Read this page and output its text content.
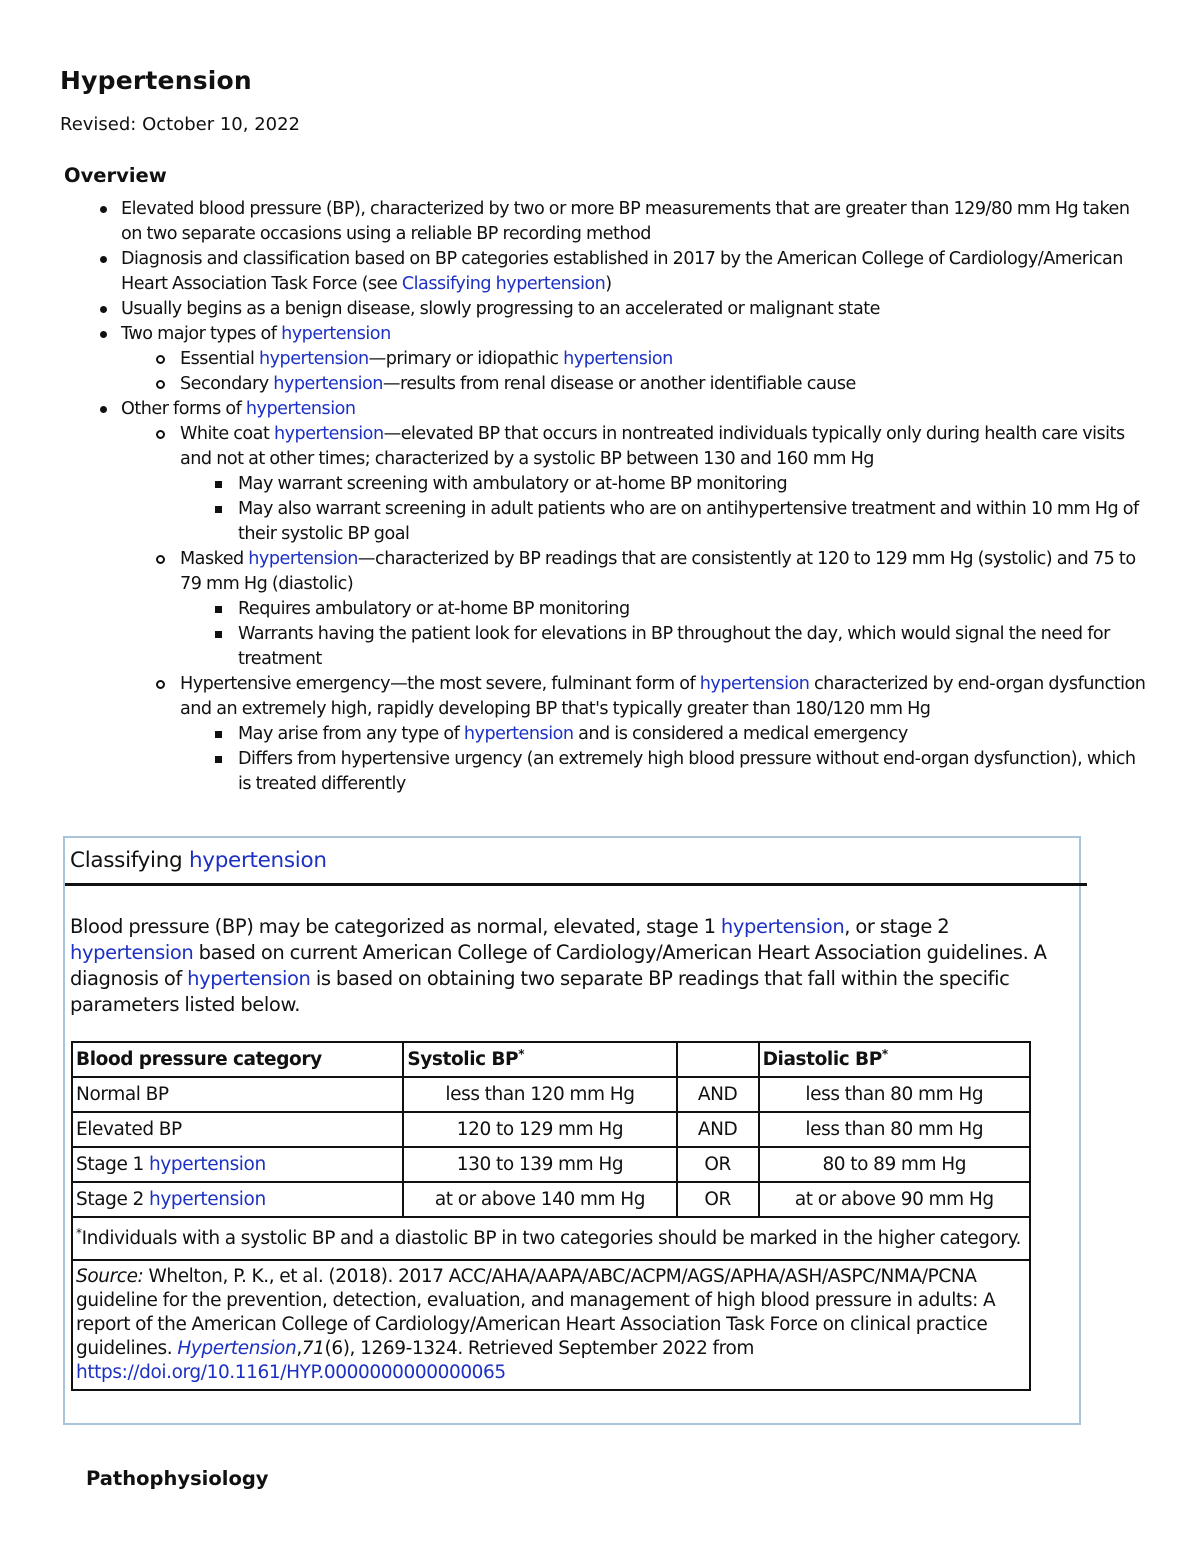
Hypertension

Revised: October 10, 2022

Overview
Elevated blood pressure (BP), characterized by two or more BP measurements that are greater than 129/80 mm Hg taken on two separate occasions using a reliable BP recording method
Diagnosis and classification based on BP categories established in 2017 by the American College of Cardiology/American Heart Association Task Force (see Classifying hypertension)
Usually begins as a benign disease, slowly progressing to an accelerated or malignant state
Two major types of hypertension
Essential hypertension—primary or idiopathic hypertension
Secondary hypertension—results from renal disease or another identifiable cause
Other forms of hypertension
White coat hypertension—elevated BP that occurs in nontreated individuals typically only during health care visits and not at other times; characterized by a systolic BP between 130 and 160 mm Hg
May warrant screening with ambulatory or at-home BP monitoring
May also warrant screening in adult patients who are on antihypertensive treatment and within 10 mm Hg of their systolic BP goal
Masked hypertension—characterized by BP readings that are consistently at 120 to 129 mm Hg (systolic) and 75 to 79 mm Hg (diastolic)
Requires ambulatory or at-home BP monitoring
Warrants having the patient look for elevations in BP throughout the day, which would signal the need for treatment
Hypertensive emergency—the most severe, fulminant form of hypertension characterized by end-organ dysfunction and an extremely high, rapidly developing BP that's typically greater than 180/120 mm Hg
May arise from any type of hypertension and is considered a medical emergency
Differs from hypertensive urgency (an extremely high blood pressure without end-organ dysfunction), which is treated differently

Classifying hypertension

Blood pressure (BP) may be categorized as normal, elevated, stage 1 hypertension, or stage 2 hypertension based on current American College of Cardiology/American Heart Association guidelines. A diagnosis of hypertension is based on obtaining two separate BP readings that fall within the specific parameters listed below.

Blood pressure category	Systolic BP*		Diastolic BP*
Normal BP	less than 120 mm Hg	AND	less than 80 mm Hg
Elevated BP	120 to 129 mm Hg	AND	less than 80 mm Hg
Stage 1 hypertension	130 to 139 mm Hg	OR	80 to 89 mm Hg
Stage 2 hypertension	at or above 140 mm Hg	OR	at or above 90 mm Hg
*Individuals with a systolic BP and a diastolic BP in two categories should be marked in the higher category.			
Source: Whelton, P. K., et al. (2018). 2017 ACC/AHA/AAPA/ABC/ACPM/AGS/APHA/ASH/ASPC/NMA/PCNA guideline for the prevention, detection, evaluation, and management of high blood pressure in adults: A report of the American College of Cardiology/American Heart Association Task Force on clinical practice guidelines. Hypertension,71(6), 1269-1324. Retrieved September 2022 from https://doi.org/10.1161/HYP.0000000000000065			
Pathophysiology
